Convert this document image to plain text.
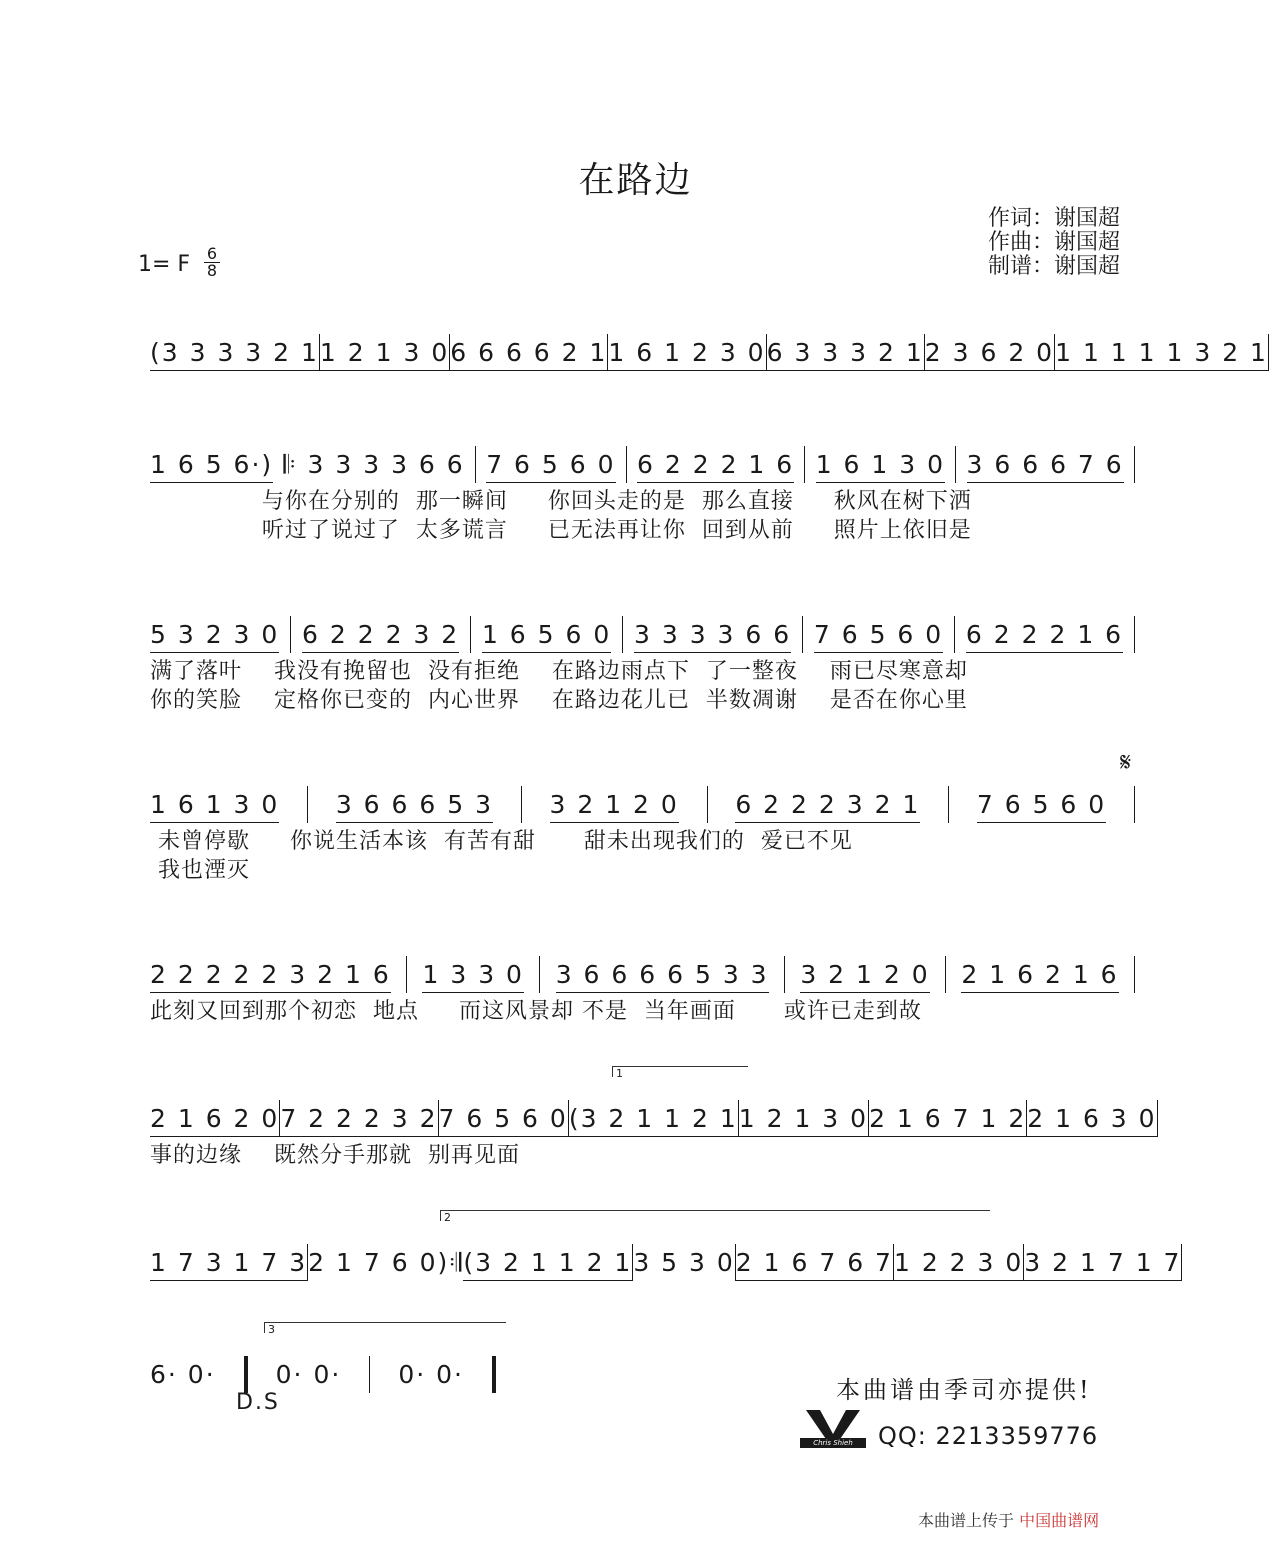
在路边
作词：谢国超
作曲：谢国超
制谱：谢国超
1= F $\frac{6}{8}$
(3 3 3 3 2 1 1 2 1 3 0 6 6 6 6 2 1 1 6 1 2 3 0 6 3 3 3 2 1 2 3 6 2 0 1 1 1 1 1 3 2 1
1 6 5 6·) 𝄆 3 3 3 3 6 6 7 6 5 6 0 6 2 2 2 1 6 1 6 1 3 0 3 6 6 6 7 6
与你在分别的  那一瞬间     你回头走的是  那么直接     秋风在树下洒
听过了说过了  太多谎言     已无法再让你  回到从前     照片上依旧是
5 3 2 3 0 6 2 2 2 3 2 1 6 5 6 0 3 3 3 3 6 6 7 6 5 6 0 6 2 2 2 1 6
满了落叶    我没有挽留也  没有拒绝    在路边雨点下  了一整夜    雨已尽寒意却
你的笑脸    定格你已变的  内心世界    在路边花儿已  半数凋谢    是否在你心里
𝄋
1 6 1 3 0 3 6 6 6 5 3 3 2 1 2 0 6 2 2 2 3 2 1 7 6 5 6 0
未曾停歇     你说生活本该  有苦有甜      甜未出现我们的  爱已不见
我也湮灭
2 2 2 2 2 3 2 1 6 1 3 3 0 3 6 6 6 6 5 3 3 3 2 1 2 0 2 1 6 2 1 6
此刻又回到那个初恋  地点     而这风景却 不是  当年画面      或许已走到故
1
2 1 6 2 0 7 2 2 2 3 2 7 6 5 6 0 (3 2 1 1 2 1 1 2 1 3 0 2 1 6 7 1 2 2 1 6 3 0
事的边缘    既然分手那就  别再见面
2
1 7 3 1 7 3 2 1 7 6 0)𝄇 (3 2 1 1 2 1 3 5 3 0 2 1 6 7 6 7 1 2 2 3 0 3 2 1 7 1 7
3
6· 0· 0· 0· 0· 0·
D.S	本曲谱由季司亦提供!
Chris Shieh	QQ: 2213359776
本曲谱上传于 中国曲谱网
